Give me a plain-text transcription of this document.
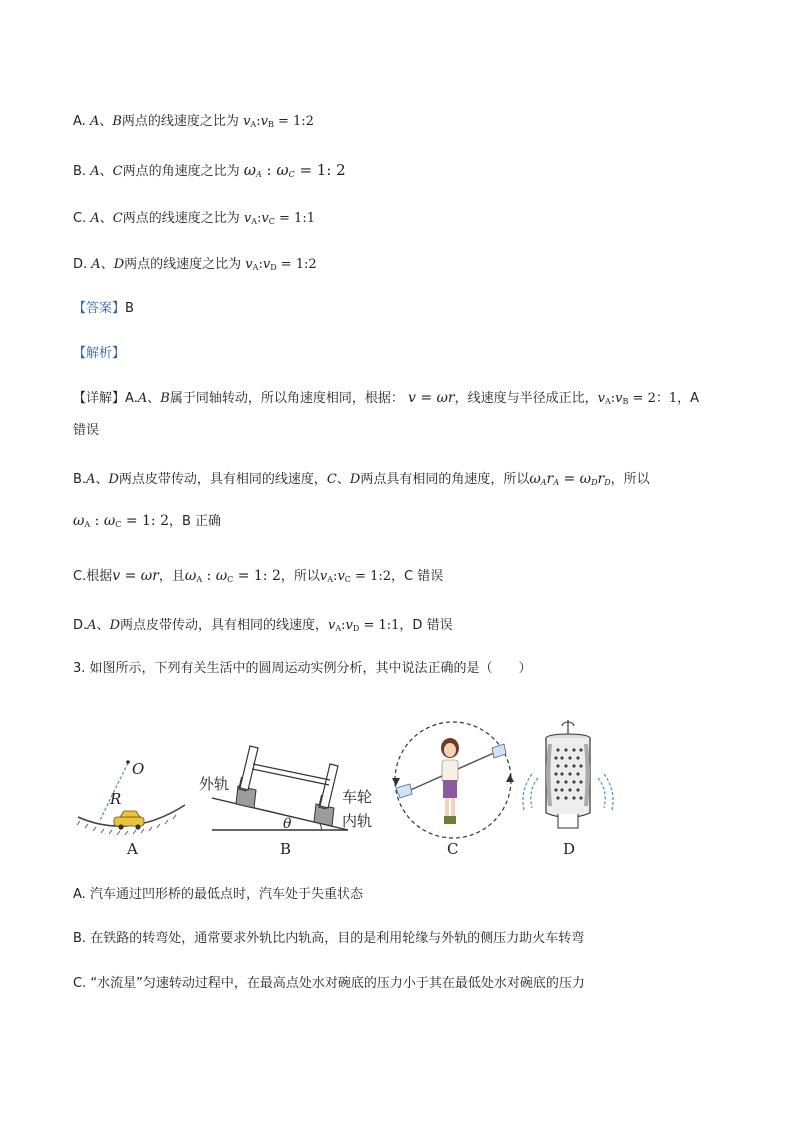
A. A、B两点的线速度之比为 $v_A:v_B$ = 1:2
B. A、C两点的角速度之比为 $\omega_A$ : $\omega_C = 1$: 2
C. A、C两点的线速度之比为 $v_A:v_C$ = 1:1
D. A、D两点的线速度之比为 $v_A:v_D$ = 1:2
【答案】B
【解析】
【详解】A.A、B属于同轴转动，所以角速度相同，根据： v = ωr，线速度与半径成正比，$v_A:v_B = 2$：1，A
错误
B.A、D两点皮带传动，具有相同的线速度，C、D两点具有相同的角速度，所以$\omega_Ar_A = \omega_Dr_D$，所以
$\omega_A$ : $\omega_C = 1$: 2，B 正确
C.根据v = ωr，且$\omega_A$ : $\omega_C = 1$: 2，所以$v_A:v_C$ = 1:2，C 错误
D.A、D两点皮带传动，具有相同的线速度，$v_A:v_D$ = 1:1，D 错误
3. 如图所示，下列有关生活中的圆周运动实例分析，其中说法正确的是（　　）
O
R
外轨
车轮
内轨
θ
A	B	C	D
A. 汽车通过凹形桥的最低点时，汽车处于失重状态
B. 在铁路的转弯处，通常要求外轨比内轨高，目的是利用轮缘与外轨的侧压力助火车转弯
C. “水流星”匀速转动过程中，在最高点处水对碗底的压力小于其在最低处水对碗底的压力
